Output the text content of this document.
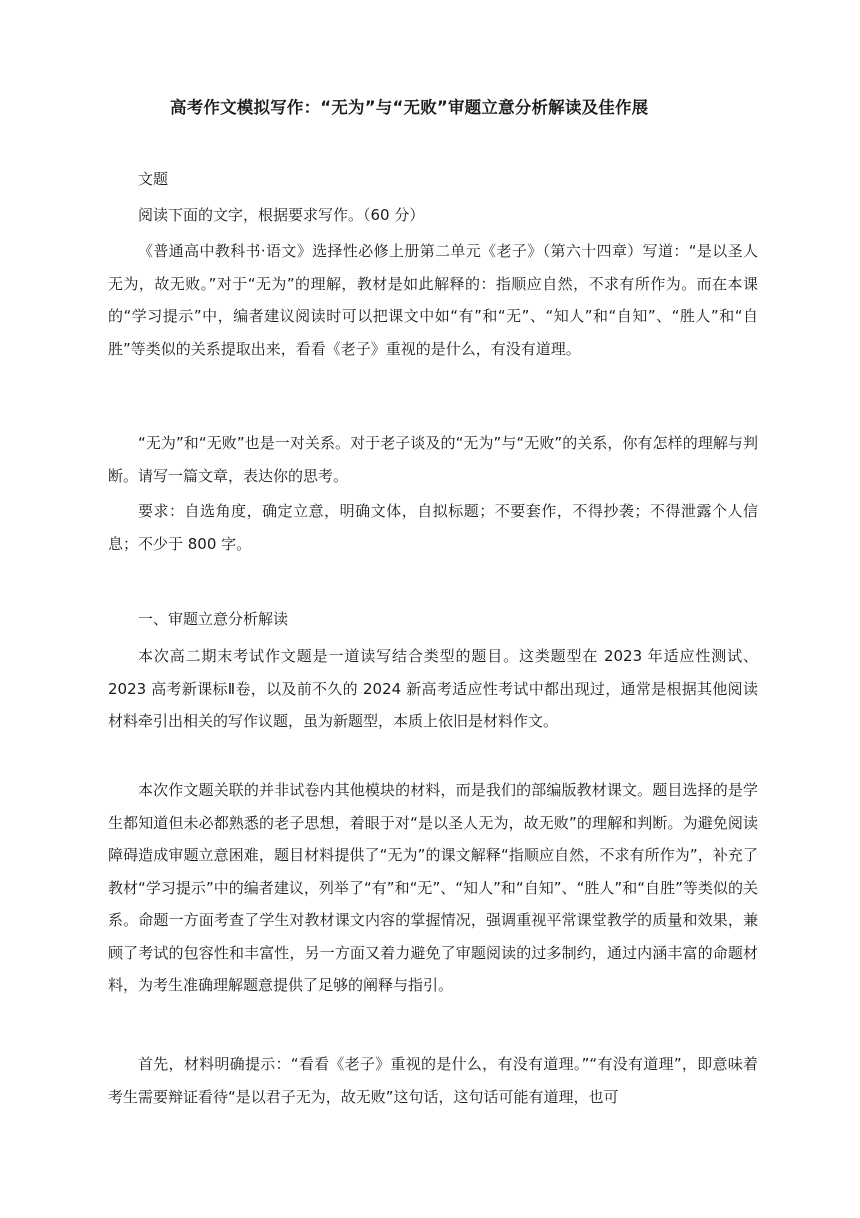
高考作文模拟写作：“无为”与“无败”审题立意分析解读及佳作展
文题
阅读下面的文字，根据要求写作。（60 分）
《普通高中教科书·语文》选择性必修上册第二单元《老子》（第六十四章）写道：“是以圣人无为，故无败。”对于“无为”的理解，教材是如此解释的：指顺应自然，不求有所作为。而在本课的“学习提示”中，编者建议阅读时可以把课文中如“有”和“无”、“知人”和“自知”、“胜人”和“自胜”等类似的关系提取出来，看看《老子》重视的是什么，有没有道理。
“无为”和“无败”也是一对关系。对于老子谈及的“无为”与“无败”的关系，你有怎样的理解与判断。请写一篇文章，表达你的思考。
要求：自选角度，确定立意，明确文体，自拟标题；不要套作，不得抄袭；不得泄露个人信息；不少于 800 字。
一、审题立意分析解读
本次高二期末考试作文题是一道读写结合类型的题目。这类题型在 2023 年适应性测试、2023 高考新课标Ⅱ卷，以及前不久的 2024 新高考适应性考试中都出现过，通常是根据其他阅读材料牵引出相关的写作议题，虽为新题型，本质上依旧是材料作文。
本次作文题关联的并非试卷内其他模块的材料，而是我们的部编版教材课文。题目选择的是学生都知道但未必都熟悉的老子思想，着眼于对“是以圣人无为，故无败”的理解和判断。为避免阅读障碍造成审题立意困难，题目材料提供了“无为”的课文解释“指顺应自然，不求有所作为”，补充了教材“学习提示”中的编者建议，列举了“有”和“无”、“知人”和“自知”、“胜人”和“自胜”等类似的关系。命题一方面考查了学生对教材课文内容的掌握情况，强调重视平常课堂教学的质量和效果，兼顾了考试的包容性和丰富性，另一方面又着力避免了审题阅读的过多制约，通过内涵丰富的命题材料，为考生准确理解题意提供了足够的阐释与指引。
首先，材料明确提示：“看看《老子》重视的是什么，有没有道理。”“有没有道理”，即意味着考生需要辩证看待“是以君子无为，故无败”这句话，这句话可能有道理，也可
